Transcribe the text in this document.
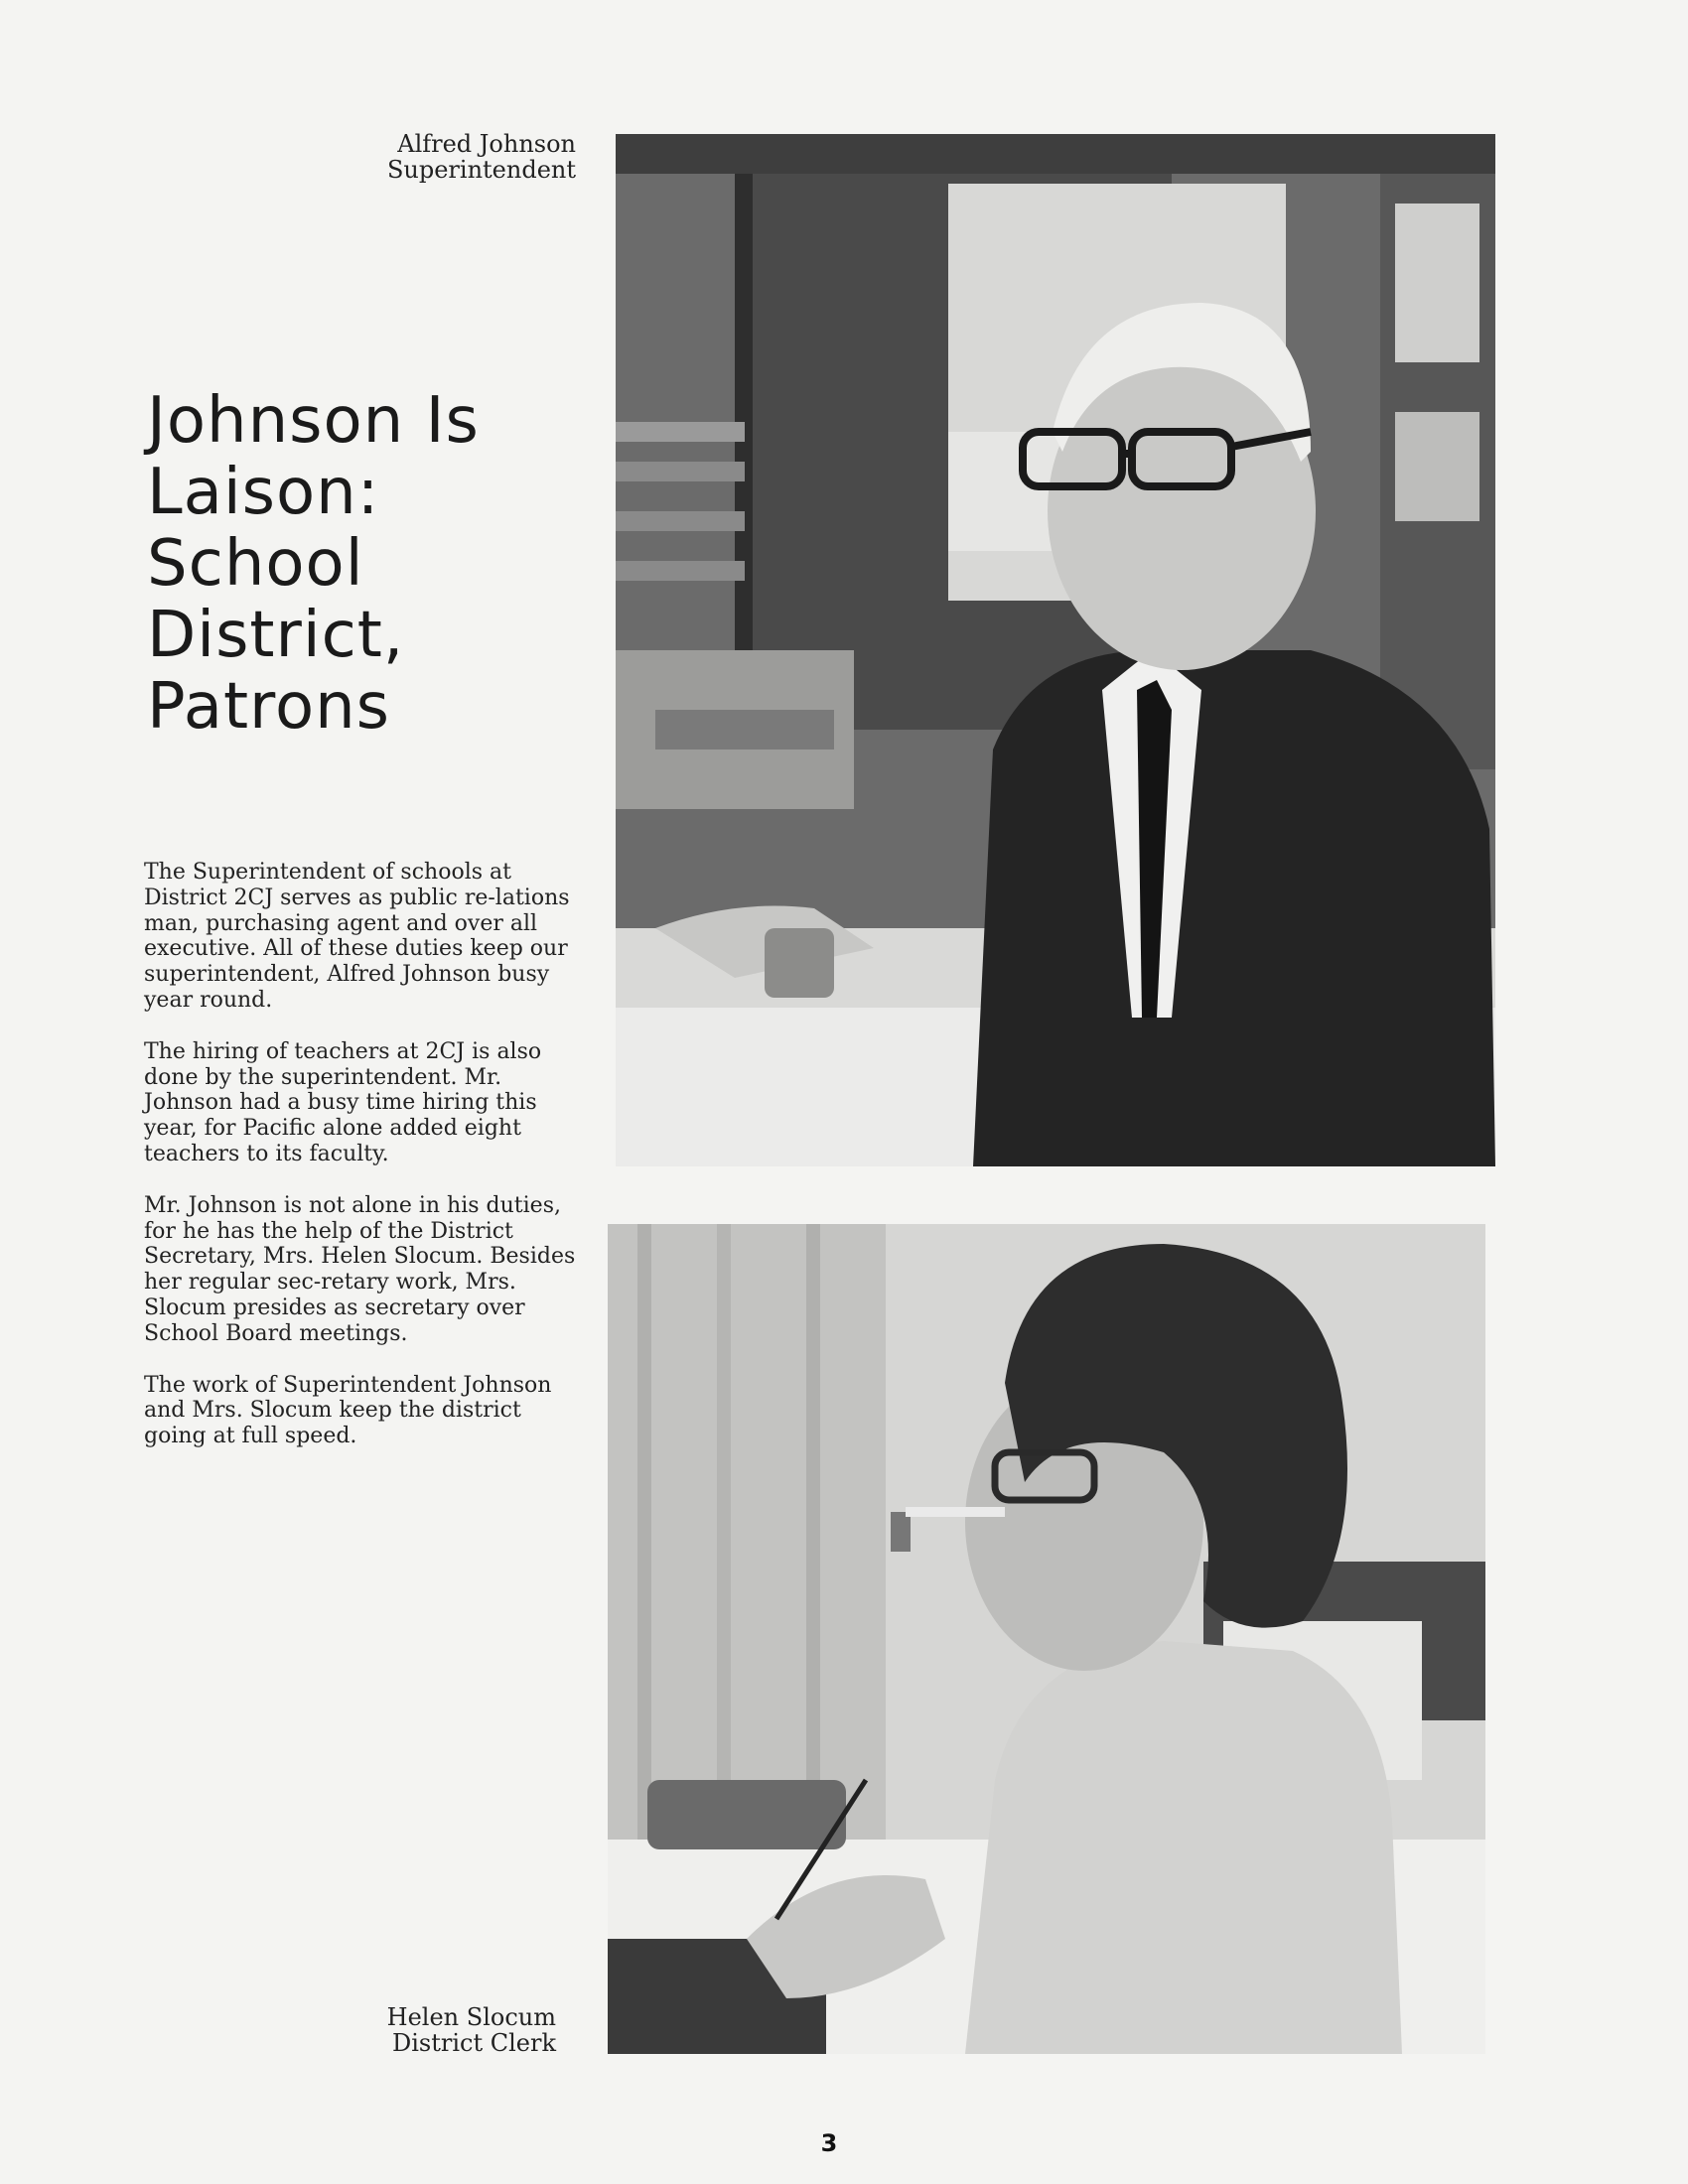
Alfred Johnson
Superintendent
Johnson Is
Laison:
School
District,
Patrons

The Superintendent of schools at District 2CJ serves as public re-lations man, purchasing agent and over all executive. All of these duties keep our superintendent, Alfred Johnson busy year round.

The hiring of teachers at 2CJ is also done by the superintendent. Mr. Johnson had a busy time hiring this year, for Pacific alone added eight teachers to its faculty.

Mr. Johnson is not alone in his duties, for he has the help of the District Secretary, Mrs. Helen Slocum. Besides her regular sec-retary work, Mrs. Slocum presides as secretary over School Board meetings.

The work of Superintendent Johnson and Mrs. Slocum keep the district going at full speed.

Helen Slocum
District Clerk
3
